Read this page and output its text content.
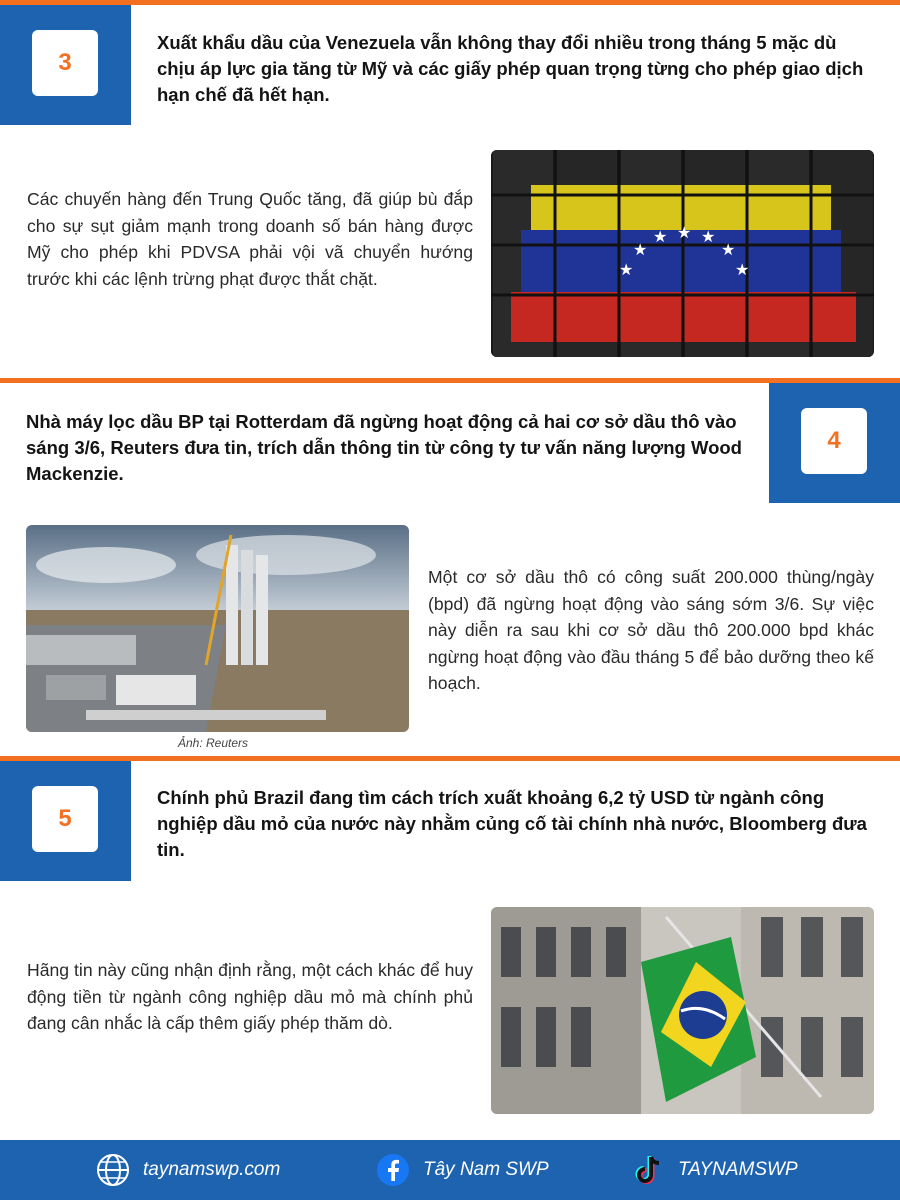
3
Xuất khẩu dầu của Venezuela vẫn không thay đổi nhiều trong tháng 5 mặc dù chịu áp lực gia tăng từ Mỹ và các giấy phép quan trọng từng cho phép giao dịch hạn chế đã hết hạn.
Các chuyến hàng đến Trung Quốc tăng, đã giúp bù đắp cho sự sụt giảm mạnh trong doanh số bán hàng được Mỹ cho phép khi PDVSA phải vội vã chuyển hướng trước khi các lệnh trừng phạt được thắt chặt.	★
★
★ ★ ★
★
★
4
Nhà máy lọc dầu BP tại Rotterdam đã ngừng hoạt động cả hai cơ sở dầu thô vào sáng 3/6, Reuters đưa tin, trích dẫn thông tin từ công ty tư vấn năng lượng Wood Mackenzie.
Ảnh: Reuters
Một cơ sở dầu thô có công suất 200.000 thùng/ngày (bpd) đã ngừng hoạt động vào sáng sớm 3/6. Sự việc này diễn ra sau khi cơ sở dầu thô 200.000 bpd khác ngừng hoạt động vào đầu tháng 5 để bảo dưỡng theo kế hoạch.
5
Chính phủ Brazil đang tìm cách trích xuất khoảng 6,2 tỷ USD từ ngành công nghiệp dầu mỏ của nước này nhằm củng cố tài chính nhà nước, Bloomberg đưa tin.
Hãng tin này cũng nhận định rằng, một cách khác để huy động tiền từ ngành công nghiệp dầu mỏ mà chính phủ đang cân nhắc là cấp thêm giấy phép thăm dò.
taynamswp.com	Tây Nam SWP	TAYNAMSWP
